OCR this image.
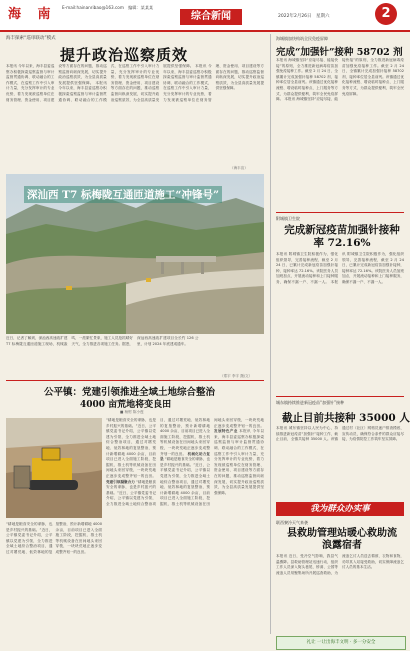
海 南 E-mail:hainanribao@163.com　编辑：某某某
综合新闻	2022年2月26日　星期六	2
海丰探索“巡审联动”模式
提升政治巡察质效
本报讯 今年以来，海丰县委巡察办积极探索巡察监督与审计监督贯通协调、联动融合的工作模式，在巡察工作中引入审计力量，充分发挥审计的专业优势，着力发现被巡察单位在财务管理、资金使用、项目建设等方面存在的问题，推动巡察监督向纵深发展，切实提升政治巡察质效，为全县高质量发展提供坚强保障。 本报讯 今年以来，海丰县委巡察办积极探索巡察监督与审计监督贯通协调、联动融合的工作模式，在巡察工作中引入审计力量，充分发挥审计的专业优势，着力发现被巡察单位在财务管理、资金使用、项目建设等方面存在的问题，推动巡察监督向纵深发展，切实提升政治巡察质效，为全县高质量发展提供坚强保障。 本报讯 今年以来，海丰县委巡察办积极探索巡察监督与审计监督贯通协调、联动融合的工作模式，在巡察工作中引入审计力量，充分发挥审计的专业优势，着力发现被巡察单位在财务管理、资金使用、项目建设等方面存在的问题，推动巡察监督向纵深发展，切实提升政治巡察质效，为全县高质量发展提供坚强保障。
（海丰宣）
深汕西 T7 标梅陇互通匝道施工“冲锋号”
近日，记者了解到，深汕西高速改扩建 T7 标梅陇互通匝道施工现场，机械轰鸣，一派繁忙景象，施工人员抢抓晴好天气，全力推进各项施工任务。据悉，深汕西高速改扩建项目全长约 126 公里，计划 2024 年底建成通车。
（郑宇 李宇 摄/文）
公平镇：党建引领推进全域土地综合整治
4000 亩荒地将变良田
■ 杨钳 陈小莲
“耕地是粮食安全的命脉，也是乡村振兴的基础。”近日，公平镇党委书记介绍，公平镇以党建为引领，全力推进全域土地综合整治项目，通过对撂荒地、低效林地的复垦整治，预计新增耕地 4000 余亩，目前项目已进入全面施工阶段，挖掘机、推土机等机械设备在田间地头来回穿梭，一块块荒地正逐步变成整齐划一的良田。 党建引领凝聚合力 “耕地是粮食安全的命脉，也是乡村振兴的基础。”近日，公平镇党委书记介绍，公平镇以党建为引领，全力推进全域土地综合整治项目，通过对撂荒地、低效林地的复垦整治，预计新增耕地 4000 余亩，目前项目已进入全面施工阶段，挖掘机、推土机等机械设备在田间地头来回穿梭，一块块荒地正逐步变成整齐划一的良田。 机械化助力复垦 “耕地是粮食安全的命脉，也是乡村振兴的基础。”近日，公平镇党委书记介绍，公平镇以党建为引领，全力推进全域土地综合整治项目，通过对撂荒地、低效林地的复垦整治，预计新增耕地 4000 余亩，目前项目已进入全面施工阶段，挖掘机、推土机等机械设备在田间地头来回穿梭，一块块荒地正逐步变成整齐划一的良田。 发展特色产业 本报讯 今年以来，海丰县委巡察办积极探索巡察监督与审计监督贯通协调、联动融合的工作模式，在巡察工作中引入审计力量，充分发挥审计的专业优势，着力发现被巡察单位在财务管理、资金使用、项目建设等方面存在的问题，推动巡察监督向纵深发展，切实提升政治巡察质效，为全县高质量发展提供坚强保障。
“耕地是粮食安全的命脉，也是乡村振兴的基础。”近日，公平镇党委书记介绍，公平镇以党建为引领，全力推进全域土地综合整治项目，通过对撂荒地、低效林地的复垦整治，预计新增耕地 4000 余亩，目前项目已进入全面施工阶段，挖掘机、推土机等机械设备在田间地头来回穿梭，一块块荒地正逐步变成整齐划一的良田。
海城镇加快构筑全民免疫屏障
完成“加强针”接种 58702 剂
本报讯 海城镇坚持“应接尽接、能接快接”的原则，全力推进新冠病毒疫苗加强免疫接种工作。截至 2 月 24 日，全镇累计完成加强针接种 58702 剂，接种率位居全县前列。该镇通过优化接种流程、增设临时接种点、上门服务等方式，为群众提供便利，筑牢全民免疫屏障。 本报讯 海城镇坚持“应接尽接、能接快接”的原则，全力推进新冠病毒疫苗加强免疫接种工作。截至 2 月 24 日，全镇累计完成加强针接种 58702 剂，接种率位居全县前列。该镇通过优化接种流程、增设临时接种点、上门服务等方式，为群众提供便利，筑牢全民免疫屏障。
附城镇卫生院
完成新冠疫苗加强针接种率 72.16%
本报讯 附城镇卫生院积极作为，强化组织领导，完善接种流程，截至 2 月 24 日，已累计完成新冠疫苗加强针接种，接种率达 72.16%。该院医务人员加班加点，开展流动接种和上门接种服务，确保不漏一户、不漏一人。 本报讯 附城镇卫生院积极作为，强化组织领导，完善接种流程，截至 2 月 24 日，已累计完成新冠疫苗加强针接种，接种率达 72.16%。该院医务人员加班加点，开展流动接种和上门接种服务，确保不漏一户、不漏一人。
城东镇持续推进新冠疫苗“加强针”接种
截止目前共接种 35000 人
本报讯 城东镇坚持以人民为中心，持续推进新冠疫苗“加强针”接种工作，截止目前，全镇共接种 35000 人。该镇通过村（社区）网格员逐户排查摸底、宣传动员，确保符合条件的群众应接尽接，为疫情防控工作筑牢坚实屏障。
我为群众办实事
联西寮冷天气来袭
县救助管理站暖心救助流浪露宿者
本报讯 近日，受冷空气影响，我县气温骤降。县救助管理站迅速行动，组织工作人员深入街头巷尾、桥洞、公园等流浪人员易聚集场所开展巡查救助，为流浪乞讨人员送去棉被、衣物和食物，劝导其入站接受救助，切实保障流浪乞讨人员的基本生活。
礼让 一让出海丰文明 · 多一分安全
